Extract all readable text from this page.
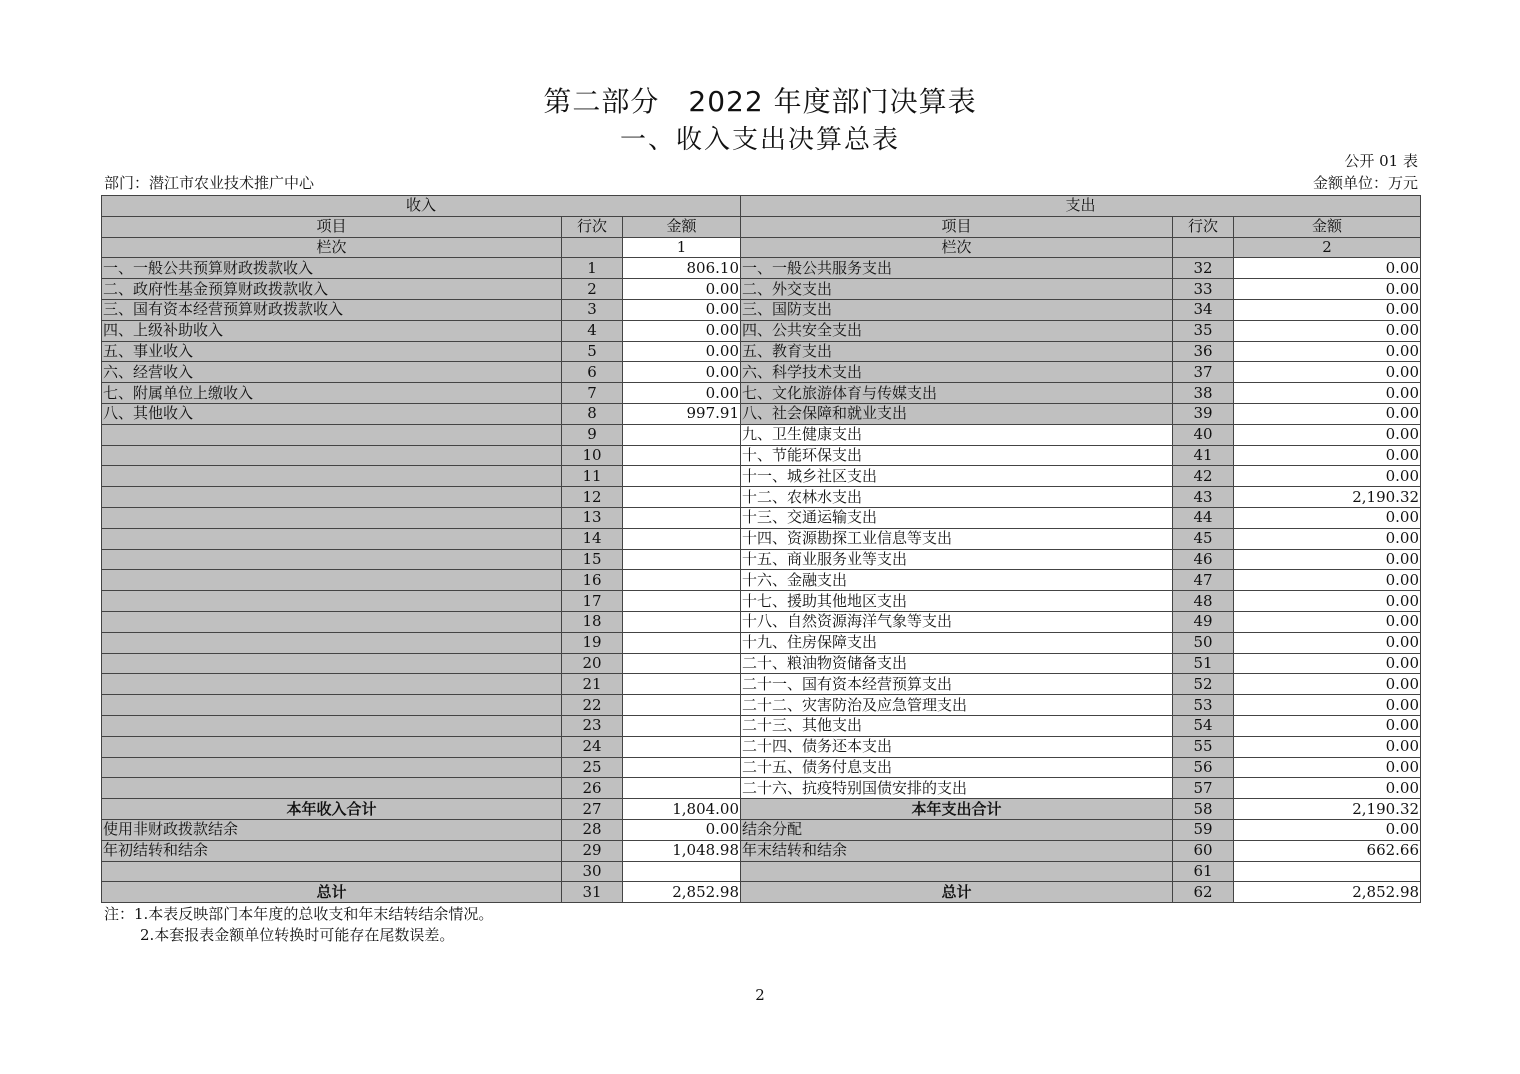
第二部分　2022 年度部门决算表
一、收入支出决算总表
公开 01 表
部门：潜江市农业技术推广中心	金额单位：万元
收入			支出		
项目	行次	金额	项目	行次	金额
栏次		1	栏次		2
一、一般公共预算财政拨款收入	1	806.10	一、一般公共服务支出	32	0.00
二、政府性基金预算财政拨款收入	2	0.00	二、外交支出	33	0.00
三、国有资本经营预算财政拨款收入	3	0.00	三、国防支出	34	0.00
四、上级补助收入	4	0.00	四、公共安全支出	35	0.00
五、事业收入	5	0.00	五、教育支出	36	0.00
六、经营收入	6	0.00	六、科学技术支出	37	0.00
七、附属单位上缴收入	7	0.00	七、文化旅游体育与传媒支出	38	0.00
八、其他收入	8	997.91	八、社会保障和就业支出	39	0.00
	9		九、卫生健康支出	40	0.00
	10		十、节能环保支出	41	0.00
	11		十一、城乡社区支出	42	0.00
	12		十二、农林水支出	43	2,190.32
	13		十三、交通运输支出	44	0.00
	14		十四、资源勘探工业信息等支出	45	0.00
	15		十五、商业服务业等支出	46	0.00
	16		十六、金融支出	47	0.00
	17		十七、援助其他地区支出	48	0.00
	18		十八、自然资源海洋气象等支出	49	0.00
	19		十九、住房保障支出	50	0.00
	20		二十、粮油物资储备支出	51	0.00
	21		二十一、国有资本经营预算支出	52	0.00
	22		二十二、灾害防治及应急管理支出	53	0.00
	23		二十三、其他支出	54	0.00
	24		二十四、债务还本支出	55	0.00
	25		二十五、债务付息支出	56	0.00
	26		二十六、抗疫特别国债安排的支出	57	0.00
本年收入合计	27	1,804.00	本年支出合计	58	2,190.32
使用非财政拨款结余	28	0.00	结余分配	59	0.00
年初结转和结余	29	1,048.98	年末结转和结余	60	662.66
	30			61	
总计	31	2,852.98	总计	62	2,852.98
注：1.本表反映部门本年度的总收支和年末结转结余情况。
2.本套报表金额单位转换时可能存在尾数误差。
2
